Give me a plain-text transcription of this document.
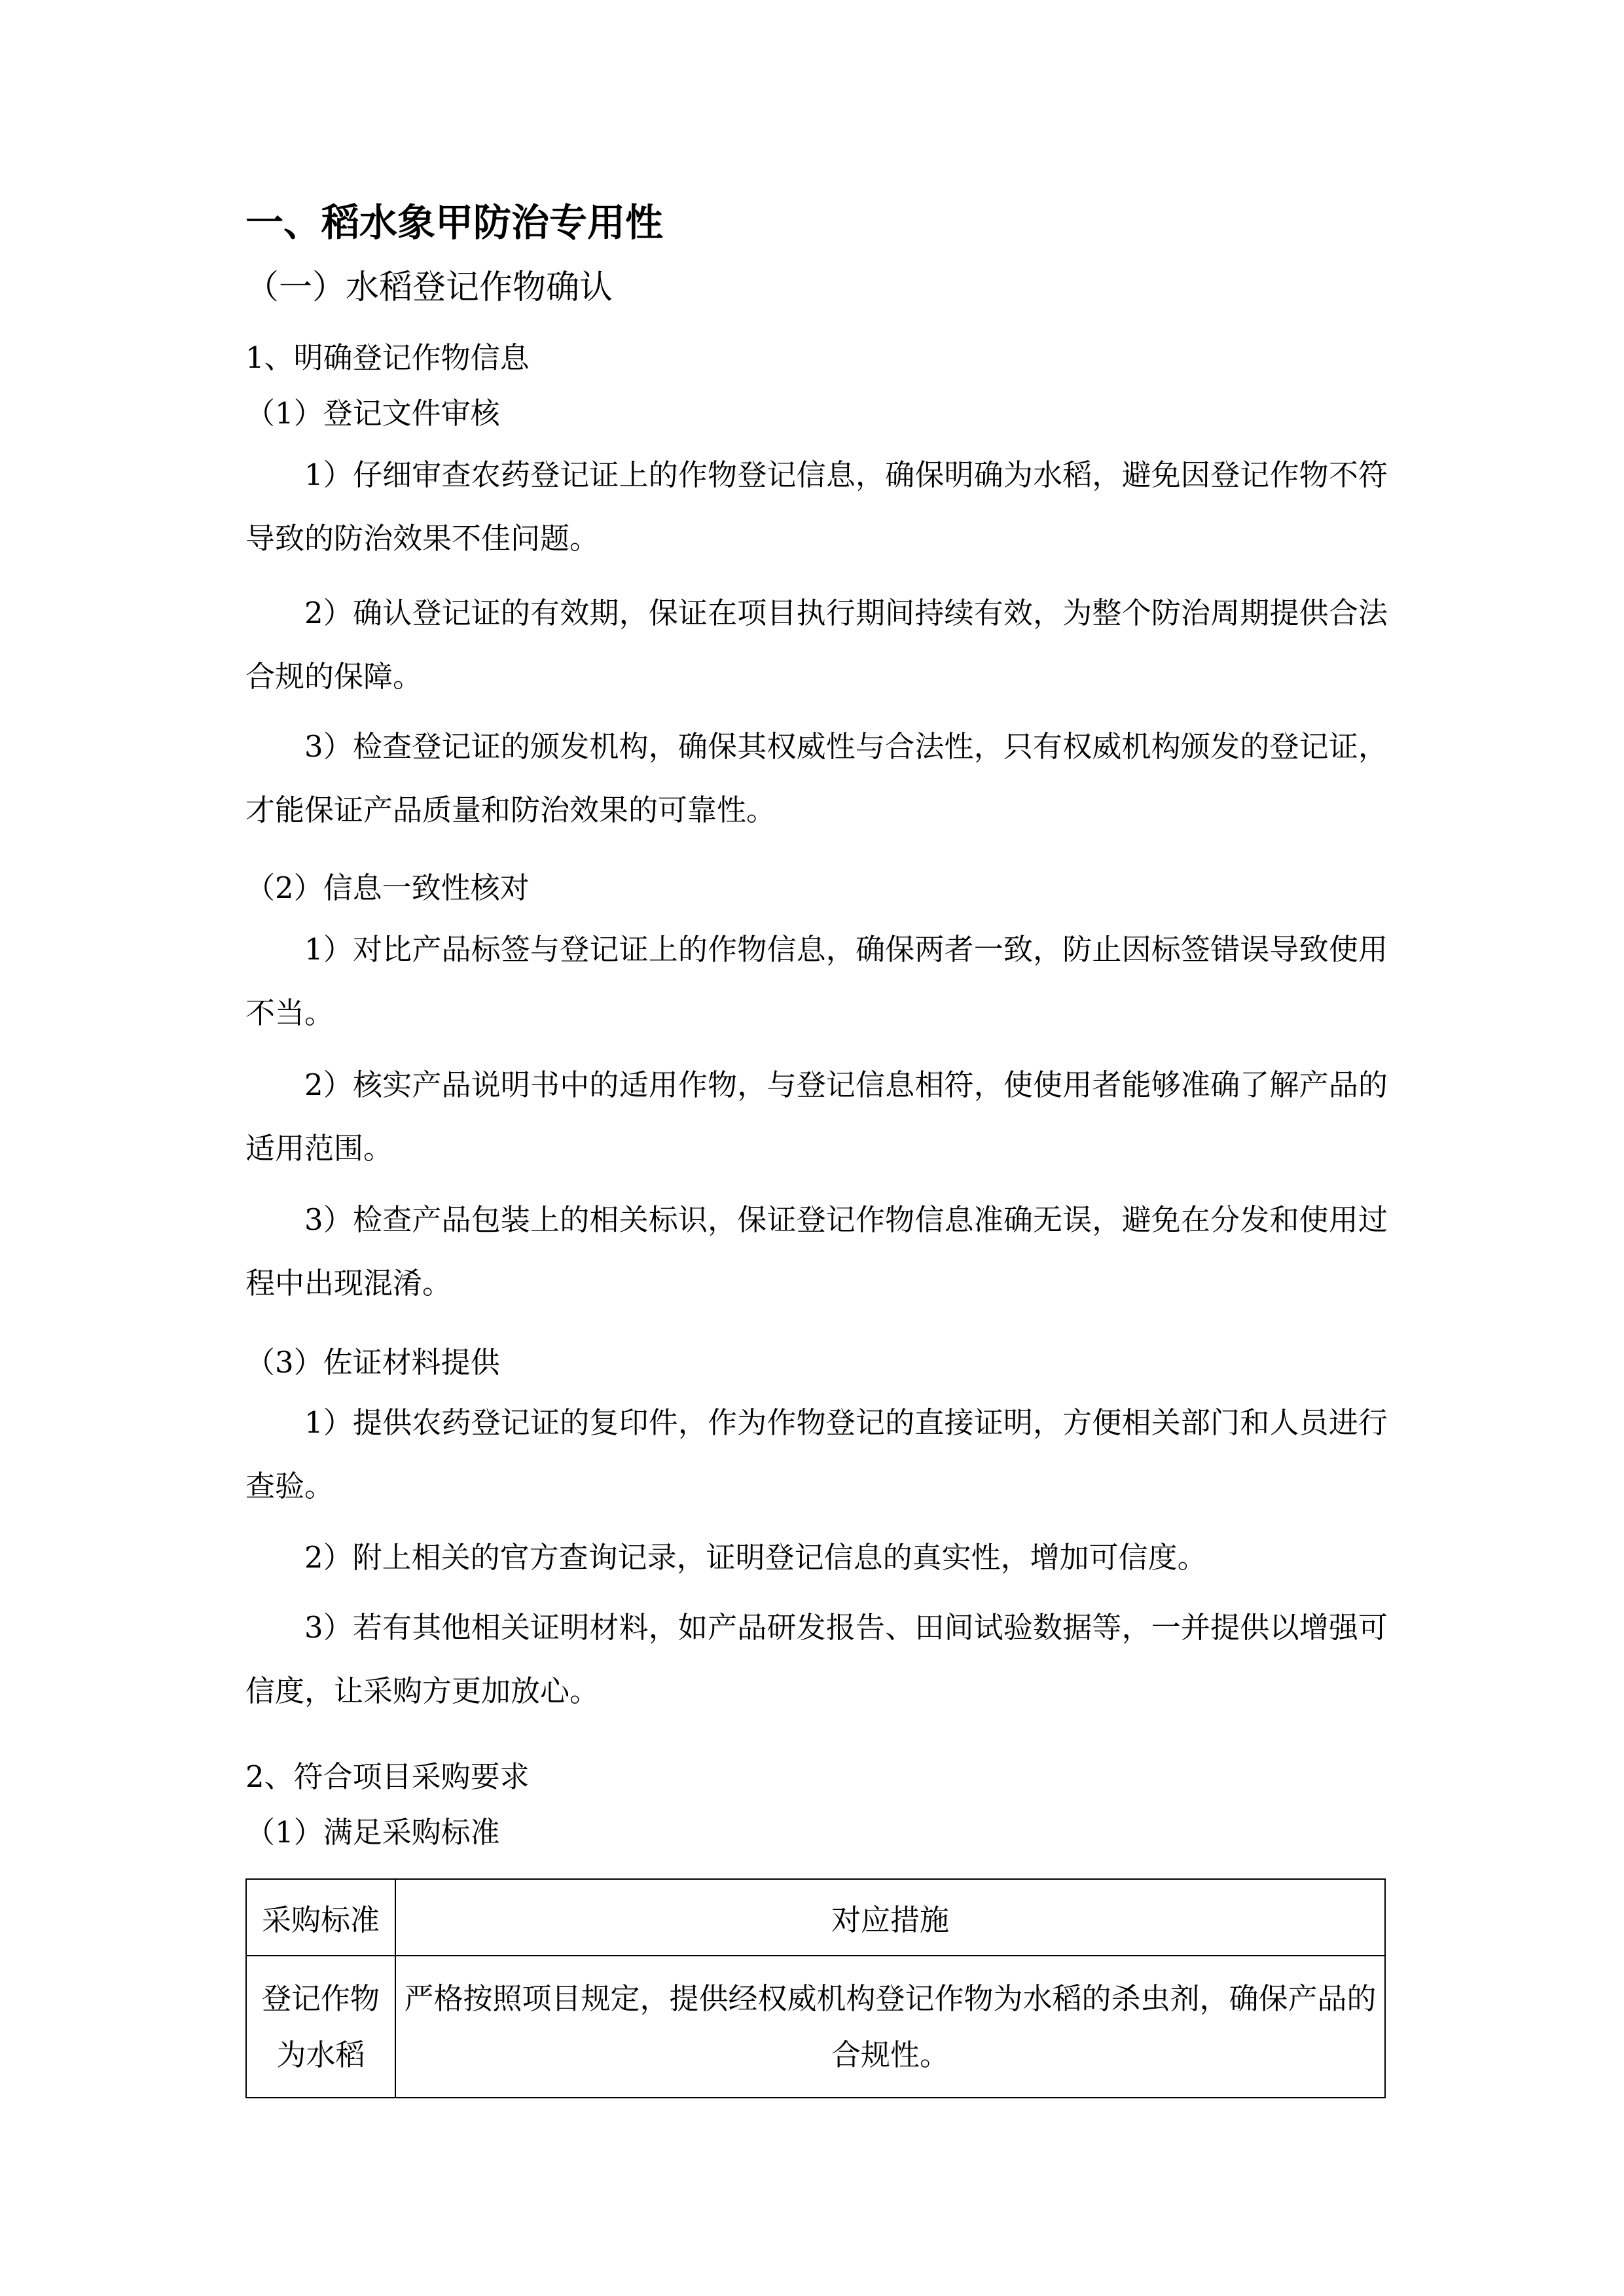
一、稻水象甲防治专用性
（一）水稻登记作物确认
1、明确登记作物信息
（1）登记文件审核
1）仔细审查农药登记证上的作物登记信息，确保明确为水稻，避免因登记作物不符导致的防治效果不佳问题。
2）确认登记证的有效期，保证在项目执行期间持续有效，为整个防治周期提供合法合规的保障。
3）检查登记证的颁发机构，确保其权威性与合法性，只有权威机构颁发的登记证，才能保证产品质量和防治效果的可靠性。
（2）信息一致性核对
1）对比产品标签与登记证上的作物信息，确保两者一致，防止因标签错误导致使用不当。
2）核实产品说明书中的适用作物，与登记信息相符，使使用者能够准确了解产品的适用范围。
3）检查产品包装上的相关标识，保证登记作物信息准确无误，避免在分发和使用过程中出现混淆。
（3）佐证材料提供
1）提供农药登记证的复印件，作为作物登记的直接证明，方便相关部门和人员进行查验。
2）附上相关的官方查询记录，证明登记信息的真实性，增加可信度。
3）若有其他相关证明材料，如产品研发报告、田间试验数据等，一并提供以增强可信度，让采购方更加放心。
2、符合项目采购要求
（1）满足采购标准
采购标准	对应措施
登记作物为水稻	严格按照项目规定，提供经权威机构登记作物为水稻的杀虫剂，确保产品的合规性。
